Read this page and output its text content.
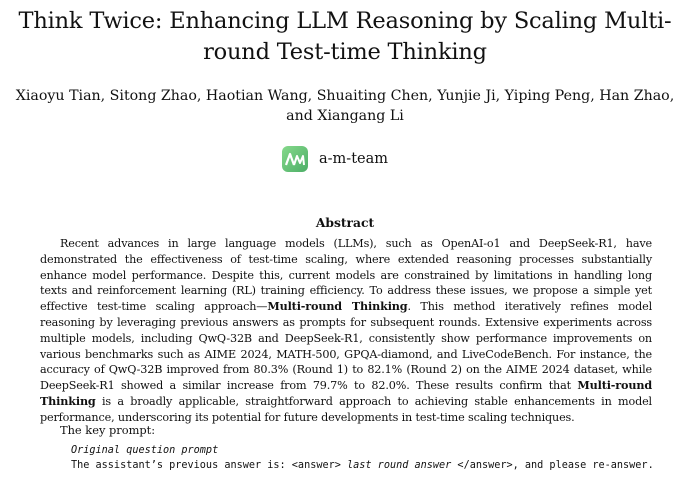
Think Twice: Enhancing LLM Reasoning by Scaling Multi-round Test-time Thinking
Xiaoyu Tian, Sitong Zhao, Haotian Wang, Shuaiting Chen, Yunjie Ji, Yiping Peng, Han Zhao, and Xiangang Li
a-m-team
Abstract

Recent advances in large language models (LLMs), such as OpenAI-o1 and DeepSeek-R1, have demonstrated the effectiveness of test-time scaling, where extended reasoning processes substantially enhance model performance. Despite this, current models are constrained by limitations in handling long texts and reinforcement learning (RL) training efficiency. To address these issues, we propose a simple yet effective test-time scaling approach—Multi-round Thinking. This method iteratively refines model reasoning by leveraging previous answers as prompts for subsequent rounds. Extensive experiments across multiple models, including QwQ-32B and DeepSeek-R1, consistently show performance improvements on various benchmarks such as AIME 2024, MATH-500, GPQA-diamond, and LiveCodeBench. For instance, the accuracy of QwQ-32B improved from 80.3% (Round 1) to 82.1% (Round 2) on the AIME 2024 dataset, while DeepSeek-R1 showed a similar increase from 79.7% to 82.0%. These results confirm that Multi-round Thinking is a broadly applicable, straightforward approach to achieving stable enhancements in model performance, underscoring its potential for future developments in test-time scaling techniques.

The key prompt:
Original question prompt
The assistant’s previous answer is: <answer> last round answer </answer>, and please re-answer.
